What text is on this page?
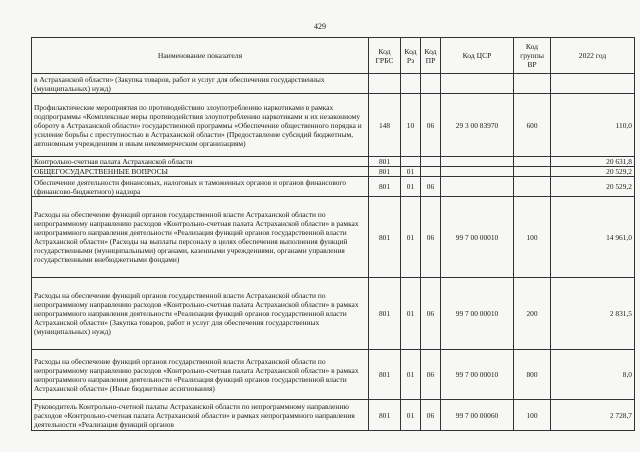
429
Наименование показателя	Код ГРБС	Код Рз	Код ПР	Код ЦСР	Код группы ВР	2022 год
в Астраханской области» (Закупка товаров, работ и услуг для обеспечения государственных (муниципальных) нужд)						
Профилактические мероприятия по противодействию злоупотреблению наркотиками в рамках подпрограммы «Комплексные меры противодействия злоупотреблению наркотиками и их незаконному обороту в Астраханской области» государственной программы «Обеспечение общественного порядка и усиление борьбы с преступностью в Астраханской области» (Предоставление субсидий бюджетным, автономным учреждениям и иным некоммерческим организациям)	148	10	06	29 3 00 83970	600	110,0
Контрольно-счетная палата Астраханской области	801					20 631,8
ОБЩЕГОСУДАРСТВЕННЫЕ ВОПРОСЫ	801	01				20 529,2
Обеспечение деятельности финансовых, налоговых и таможенных органов и органов финансового (финансово-бюджетного) надзора	801	01	06			20 529,2
Расходы на обеспечение функций органов государственной власти Астраханской области по непрограммному направлению расходов «Контрольно-счетная палата Астраханской области» в рамках непрограммного направления деятельности «Реализация функций органов государственной власти Астраханской области» (Расходы на выплаты персоналу в целях обеспечения выполнения функций государственными (муниципальными) органами, казенными учреждениями, органами управления государственными внебюджетными фондами)	801	01	06	99 7 00 00010	100	14 961,0
Расходы на обеспечение функций органов государственной власти Астраханской области по непрограммному направлению расходов «Контрольно-счетная палата Астраханской области» в рамках непрограммного направления деятельности «Реализация функций органов государственной власти Астраханской области» (Закупка товаров, работ и услуг для обеспечения государственных (муниципальных) нужд)	801	01	06	99 7 00 00010	200	2 831,5
Расходы на обеспечение функций органов государственной власти Астраханской области по непрограммному направлению расходов «Контрольно-счетная палата Астраханской области» в рамках непрограммного направления деятельности «Реализация функций органов государственной власти Астраханской области» (Иные бюджетные ассигнования)	801	01	06	99 7 00 00010	800	8,0
Руководитель Контрольно-счетной палаты Астраханской области по непрограммному направлению расходов «Контрольно-счетная палата Астраханской области» в рамках непрограммного направления деятельности «Реализация функций органов	801	01	06	99 7 00 00060	100	2 728,7
